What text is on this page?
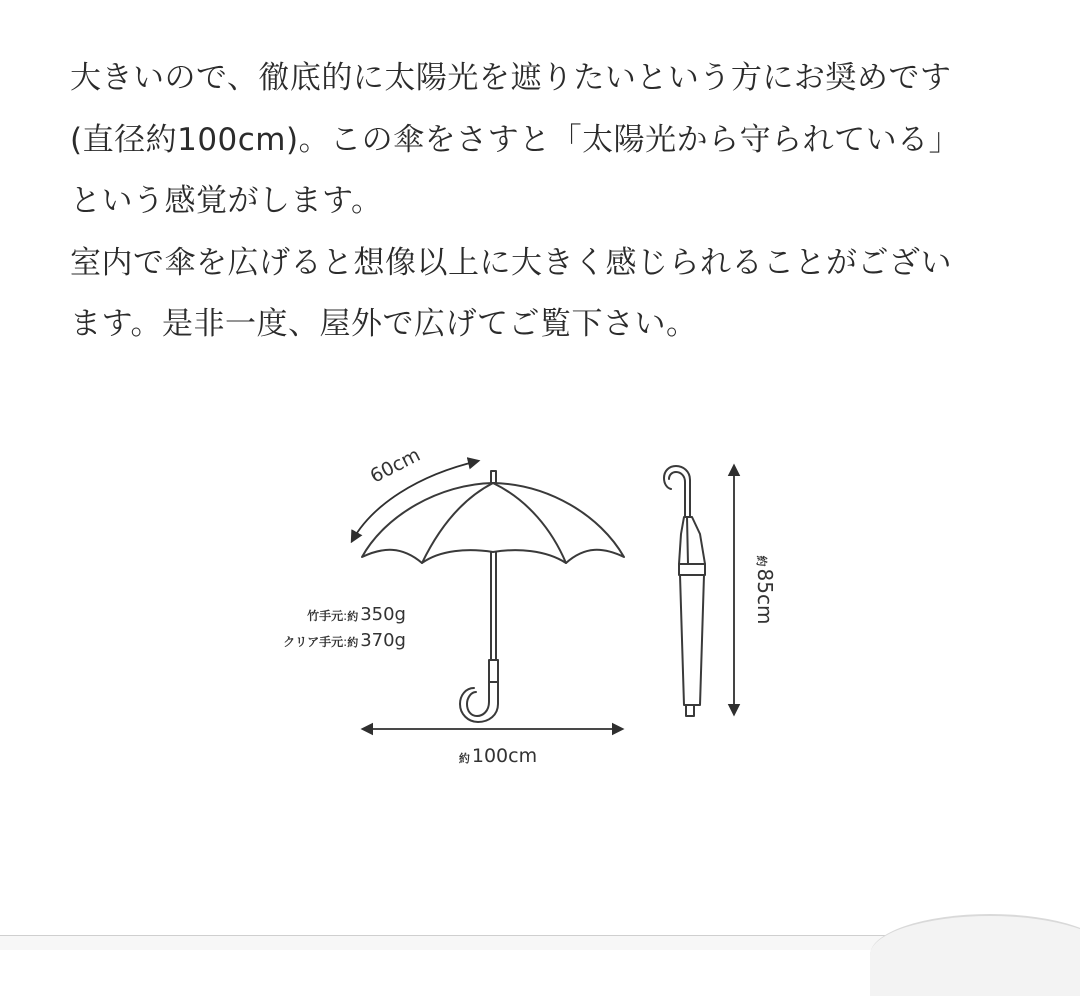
大きいので、徹底的に太陽光を遮りたいという方にお奨めです
(直径約100cm)。この傘をさすと「太陽光から守られている」
という感覚がします。
室内で傘を広げると想像以上に大きく感じられることがござい
ます。是非一度、屋外で広げてご覧下さい。
60cm
竹手元:約 350g
クリア手元:約 370g
約 100cm
約85cm
